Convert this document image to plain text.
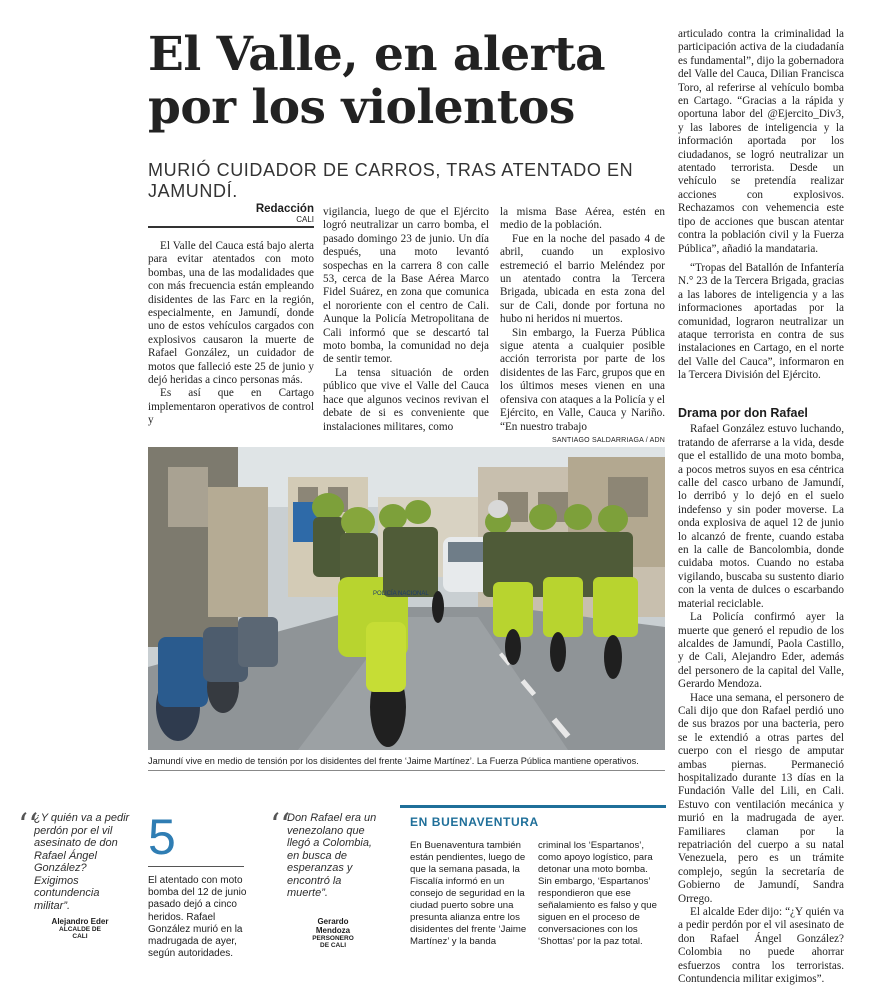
El Valle, en alerta por los violentos
MURIÓ CUIDADOR DE CARROS, TRAS ATENTADO EN JAMUNDÍ.
Redacción
CALI

El Valle del Cauca está bajo alerta para evitar atentados con moto bombas, una de las modalidades que con más frecuencia están empleando disidentes de las Farc en la región, especialmente, en Jamundí, donde uno de estos vehículos cargados con explosivos causaron la muerte de Rafael González, un cuidador de motos que falleció este 25 de junio y dejó heridas a cinco personas más.

Es así que en Cartago implementaron operativos de control y

vigilancia, luego de que el Ejército logró neutralizar un carro bomba, el pasado domingo 23 de junio. Un día después, una moto levantó sospechas en la carrera 8 con calle 53, cerca de la Base Aérea Marco Fidel Suárez, en zona que comunica el nororiente con el centro de Cali. Aunque la Policía Metropolitana de Cali informó que se descartó tal moto bomba, la comunidad no deja de sentir temor.

La tensa situación de orden público que vive el Valle del Cauca hace que algunos vecinos revivan el debate de si es conveniente que instalaciones militares, como

la misma Base Aérea, estén en medio de la población.

Fue en la noche del pasado 4 de abril, cuando un explosivo estremeció el barrio Meléndez por un atentado contra la Tercera Brigada, ubicada en esta zona del sur de Cali, donde por fortuna no hubo ni heridos ni muertos.

Sin embargo, la Fuerza Pública sigue atenta a cualquier posible acción terrorista por parte de los disidentes de las Farc, grupos que en los últimos meses vienen en una ofensiva con ataques a la Policía y el Ejército, en Valle, Cauca y Nariño. “En nuestro trabajo

articulado contra la criminalidad la participación activa de la ciudadanía es fundamental”, dijo la gobernadora del Valle del Cauca, Dilian Francisca Toro, al referirse al vehículo bomba en Cartago. “Gracias a la rápida y oportuna labor del @Ejercito_Div3, y las labores de inteligencia y la información aportada por los ciudadanos, se logró neutralizar un atentado terrorista. Desde un vehículo se pretendía realizar acciones con explosivos. Rechazamos con vehemencia este tipo de acciones que buscan atentar contra la población civil y la Fuerza Pública”, añadió la mandataria.

“Tropas del Batallón de Infantería N.° 23 de la Tercera Brigada, gracias a las labores de inteligencia y a las informaciones aportadas por la comunidad, lograron neutralizar un ataque terrorista en contra de sus instalaciones en Cartago, en el norte del Valle del Cauca”, informaron en la Tercera División del Ejército.

Drama por don Rafael

Rafael González estuvo luchando, tratando de aferrarse a la vida, desde que el estallido de una moto bomba, a pocos metros suyos en esa céntrica calle del casco urbano de Jamundí, lo derribó y lo dejó en el suelo indefenso y sin poder moverse. La onda explosiva de aquel 12 de junio lo alcanzó de frente, cuando estaba en la calle de Bancolombia, donde cuidaba motos. Cuando no estaba vigilando, buscaba su sustento diario con la venta de dulces o escarbando material reciclable.

La Policía confirmó ayer la muerte que generó el repudio de los alcaldes de Jamundí, Paola Castillo, y de Cali, Alejandro Eder, además del personero de la capital del Valle, Gerardo Mendoza.

Hace una semana, el personero de Cali dijo que don Rafael perdió uno de sus brazos por una bacteria, pero se le extendió a otras partes del cuerpo con el riesgo de amputar ambas piernas. Permaneció hospitalizado durante 13 días en la Fundación Valle del Lili, en Cali. Estuvo con ventilación mecánica y murió en la madrugada de ayer. Familiares claman por la repatriación del cuerpo a su natal Venezuela, pero es un trámite complejo, según la secretaría de Gobierno de Jamundí, Sandra Orrego.

El alcalde Eder dijo: “¿Y quién va a pedir perdón por el vil asesinato de don Rafael Ángel González? Colombia no puede ahorrar esfuerzos contra los terroristas. Contundencia militar exigimos”.

SANTIAGO SALDARRIAGA / ADN
POLICÍA NACIONAL
Jamundí vive en medio de tensión por los disidentes del frente ‘Jaime Martínez’. La Fuerza Pública mantiene operativos.
‘‘
¿Y quién va a pedir perdón por el vil asesinato de don Rafael Ángel González? Exigimos contundencia militar”.
Alejandro Eder
ALCALDE DE
CALI
5
El atentado con moto bomba del 12 de junio pasado dejó a cinco heridos. Rafael González murió en la madrugada de ayer, según autoridades.
‘‘
Don Rafael era un venezolano que llegó a Colombia, en busca de esperanzas y encontró la muerte”.
Gerardo Mendoza
PERSONERO
DE CALI
EN BUENAVENTURA
En Buenaventura también están pendientes, luego de que la semana pasada, la Fiscalía informó en un consejo de seguridad en la ciudad puerto sobre una presunta alianza entre los disidentes del frente ‘Jaime Martínez’ y la banda
criminal los ‘Espartanos’, como apoyo logístico, para detonar una moto bomba. Sin embargo, ‘Espartanos’ respondieron que ese señalamiento es falso y que siguen en el proceso de conversaciones con los ‘Shottas’ por la paz total.
